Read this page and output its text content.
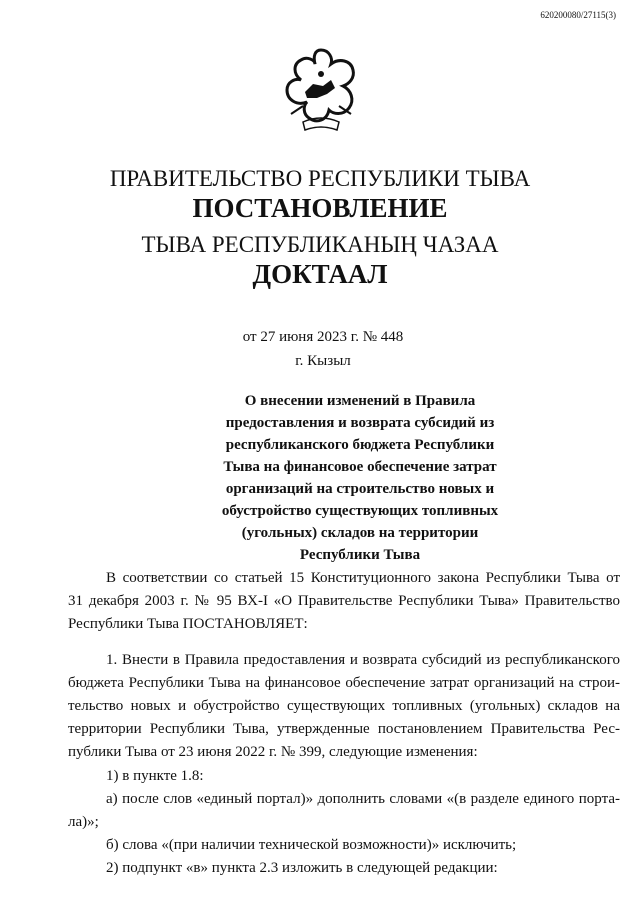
620200080/27115(3)
ПРАВИТЕЛЬСТВО РЕСПУБЛИКИ ТЫВА
ПОСТАНОВЛЕНИЕ
ТЫВА РЕСПУБЛИКАНЫҢ ЧАЗАА
ДОКТААЛ
от 27 июня 2023 г. № 448
г. Кызыл
О внесении изменений в Правила
предоставления и возврата субсидий из
республиканского бюджета Республики
Тыва на финансовое обеспечение затрат
организаций на строительство новых и
обустройство существующих топливных
(угольных) складов на территории
Республики Тыва
В соответствии со статьей 15 Конституционного закона Республики Тыва от
31 декабря 2003 г. № 95 ВХ-I «О Правительстве Республики Тыва» Правительство
Республики Тыва ПОСТАНОВЛЯЕТ:
1. Внести в Правила предоставления и возврата субсидий из республиканского
бюджета Республики Тыва на финансовое обеспечение затрат организаций на строи-
тельство новых и обустройство существующих топливных (угольных) складов на
территории Республики Тыва, утвержденные постановлением Правительства Рес-
публики Тыва от 23 июня 2022 г. № 399, следующие изменения:
1) в пункте 1.8:
а) после слов «единый портал)» дополнить словами «(в разделе единого порта-
ла)»;
б) слова «(при наличии технической возможности)» исключить;
2) подпункт «в» пункта 2.3 изложить в следующей редакции:
